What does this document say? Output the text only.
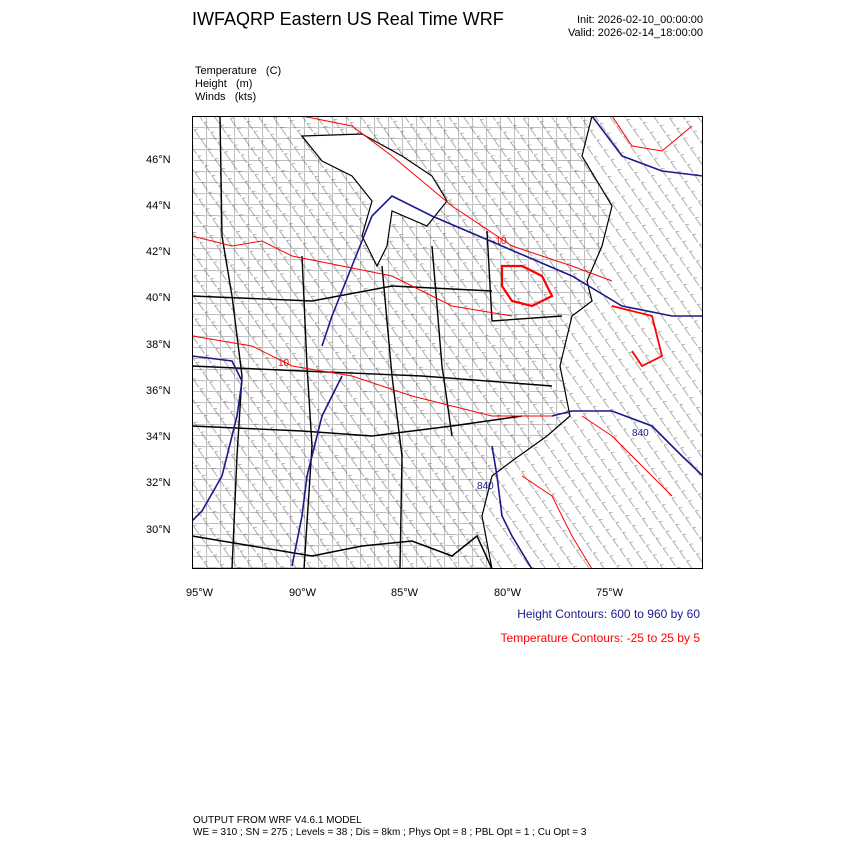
IWFAQRP Eastern US Real Time WRF	Init: 2026-02-10_00:00:00
Valid: 2026-02-14_18:00:00
Temperature   (C)
Height   (m)
Winds   (kts)
840
840
10
-10
46°N
44°N
42°N
40°N
38°N
36°N
34°N
32°N
30°N
95°W	90°W	85°W	80°W	75°W
Height Contours: 600 to 960 by 60
Temperature Contours: -25 to 25 by 5
OUTPUT FROM WRF V4.6.1 MODEL
WE = 310 ; SN = 275 ; Levels = 38 ; Dis = 8km ; Phys Opt = 8 ; PBL Opt = 1 ; Cu Opt = 3
